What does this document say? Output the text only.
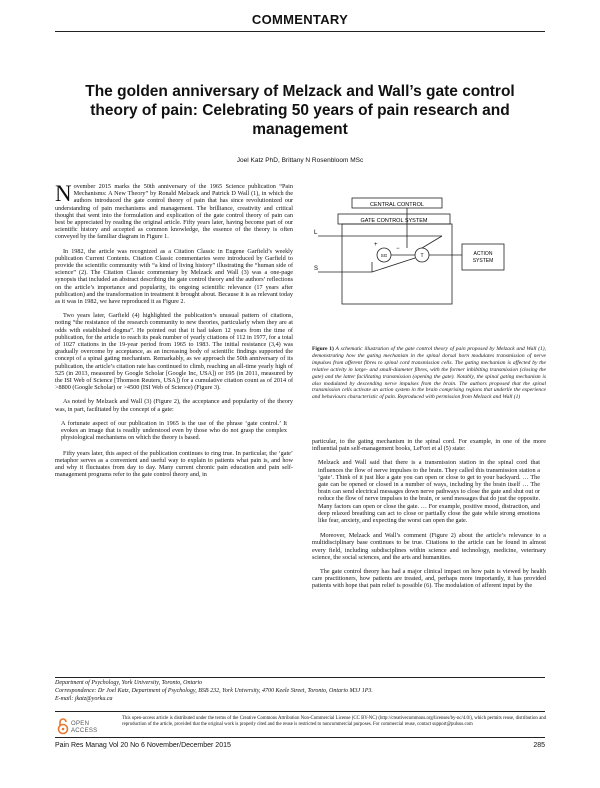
COMMENTARY
The golden anniversary of Melzack and Wall’s gate control theory of pain: Celebrating 50 years of pain research and management
Joel Katz PhD, Brittany N Rosenbloom MSc

November 2015 marks the 50th anniversary of the 1965 Science publication “Pain Mechanisms: A New Theory” by Ronald Melzack and Patrick D Wall (1), in which the authors introduced the gate control theory of pain that has since revolutionized our understanding of pain mechanisms and management. The brilliance, creativity and critical thought that went into the formulation and explication of the gate control theory of pain can best be appreciated by reading the original article. Fifty years later, having become part of our scientific history and accepted as common knowledge, the essence of the theory is often conveyed by the familiar diagram in Figure 1.

In 1982, the article was recognized as a Citation Classic in Eugene Garfield’s weekly publication Current Contents. Citation Classic commentaries were introduced by Garfield to provide the scientific community with “a kind of living history” illustrating the “human side of science” (2). The Citation Classic commentary by Melzack and Wall (3) was a one-page synopsis that included an abstract describing the gate control theory and the authors’ reflections on the article’s importance and popularity, its ongoing scientific relevance (17 years after publication) and the transformation in treatment it brought about. Because it is as relevant today as it was in 1982, we have reproduced it as Figure 2.

Two years later, Garfield (4) highlighted the publication’s unusual pattern of citations, noting “the resistance of the research community to new theories, particularly when they are at odds with established dogma”. He pointed out that it had taken 12 years from the time of publication, for the article to reach its peak number of yearly citations of 112 in 1977, for a total of 1027 citations in the 19-year period from 1965 to 1983. The initial resistance (3,4) was gradually overcome by acceptance, as an increasing body of scientific findings supported the concept of a spinal gating mechanism. Remarkably, as we approach the 50th anniversary of its publication, the article’s citation rate has continued to climb, reaching an all-time yearly high of 525 (in 2013, measured by Google Scholar [Google Inc, USA]) or 195 (in 2011, measured by the ISI Web of Science [Thomson Reuters, USA]) for a cumulative citation count as of 2014 of >8800 (Google Scholar) or >4500 (ISI Web of Science) (Figure 3).

As noted by Melzack and Wall (3) (Figure 2), the acceptance and popularity of the theory was, in part, facilitated by the concept of a gate:

A fortunate aspect of our publication in 1965 is the use of the phrase ‘gate control.’ It evokes an image that is readily understood even by those who do not grasp the complex physiological mechanisms on which the theory is based.

Fifty years later, this aspect of the publication continues to ring true. In particular, the ‘gate’ metaphor serves as a convenient and useful way to explain to patients what pain is, and how and why it fluctuates from day to day. Many current chronic pain education and pain self-management programs refer to the gate control theory and, in

CENTRAL CONTROL
GATE CONTROL SYSTEM
L
S
SG	T	ACTION
SYSTEM
+
−
Figure 1) A schematic illustration of the gate control theory of pain proposed by Melzack and Wall (1), demonstrating how the gating mechanism in the spinal dorsal horn modulates transmission of nerve impulses from afferent fibres to spinal cord transmission cells. The gating mechanism is affected by the relative activity in large- and small-diameter fibres, with the former inhibiting transmission (closing the gate) and the latter facilitating transmission (opening the gate). Notably, the spinal gating mechanism is also modulated by descending nerve impulses from the brain. The authors proposed that the spinal transmission cells activate an action system in the brain comprising regions that underlie the experience and behaviours characteristic of pain. Reproduced with permission from Melzack and Wall (1)

particular, to the gating mechanism in the spinal cord. For example, in one of the more influential pain self-management books, LeFort et al (5) state:

Melzack and Wall said that there is a transmission station in the spinal cord that influences the flow of nerve impulses to the brain. They called this transmission station a ‘gate’. Think of it just like a gate you can open or close to get to your backyard. … The gate can be opened or closed in a number of ways, including by the brain itself … The brain can send electrical messages down nerve pathways to close the gate and shut out or reduce the flow of nerve impulses to the brain, or send messages that do just the opposite. Many factors can open or close the gate. … For example, positive mood, distraction, and deep relaxed breathing can act to close or partially close the gate while strong emotions like fear, anxiety, and expecting the worst can open the gate.

Moreover, Melzack and Wall’s comment (Figure 2) about the article’s relevance to a multidisciplinary base continues to be true. Citations to the article can be found in almost every field, including subdisciplines within science and technology, medicine, veterinary science, the social sciences, and the arts and humanities.

The gate control theory has had a major clinical impact on how pain is viewed by health care practitioners, how patients are treated, and, perhaps more importantly, it has provided patients with hope that pain relief is possible (6). The modulation of afferent input by the

Department of Psychology, York University, Toronto, Ontario
Correspondence: Dr Joel Katz, Department of Psychology, BSB 232, York University, 4700 Keele Street, Toronto, Ontario M3J 1P3.
E-mail: jkatz@yorku.ca
OPEN
ACCESS
This open-access article is distributed under the terms of the Creative Commons Attribution Non-Commercial License (CC BY-NC) (http://creativecommons.org/licenses/by-nc/4.0/), which permits reuse, distribution and reproduction of the article, provided that the original work is properly cited and the reuse is restricted to noncommercial purposes. For commercial reuse, contact support@pulsus.com
Pain Res Manag Vol 20 No 6 November/December 2015	285
